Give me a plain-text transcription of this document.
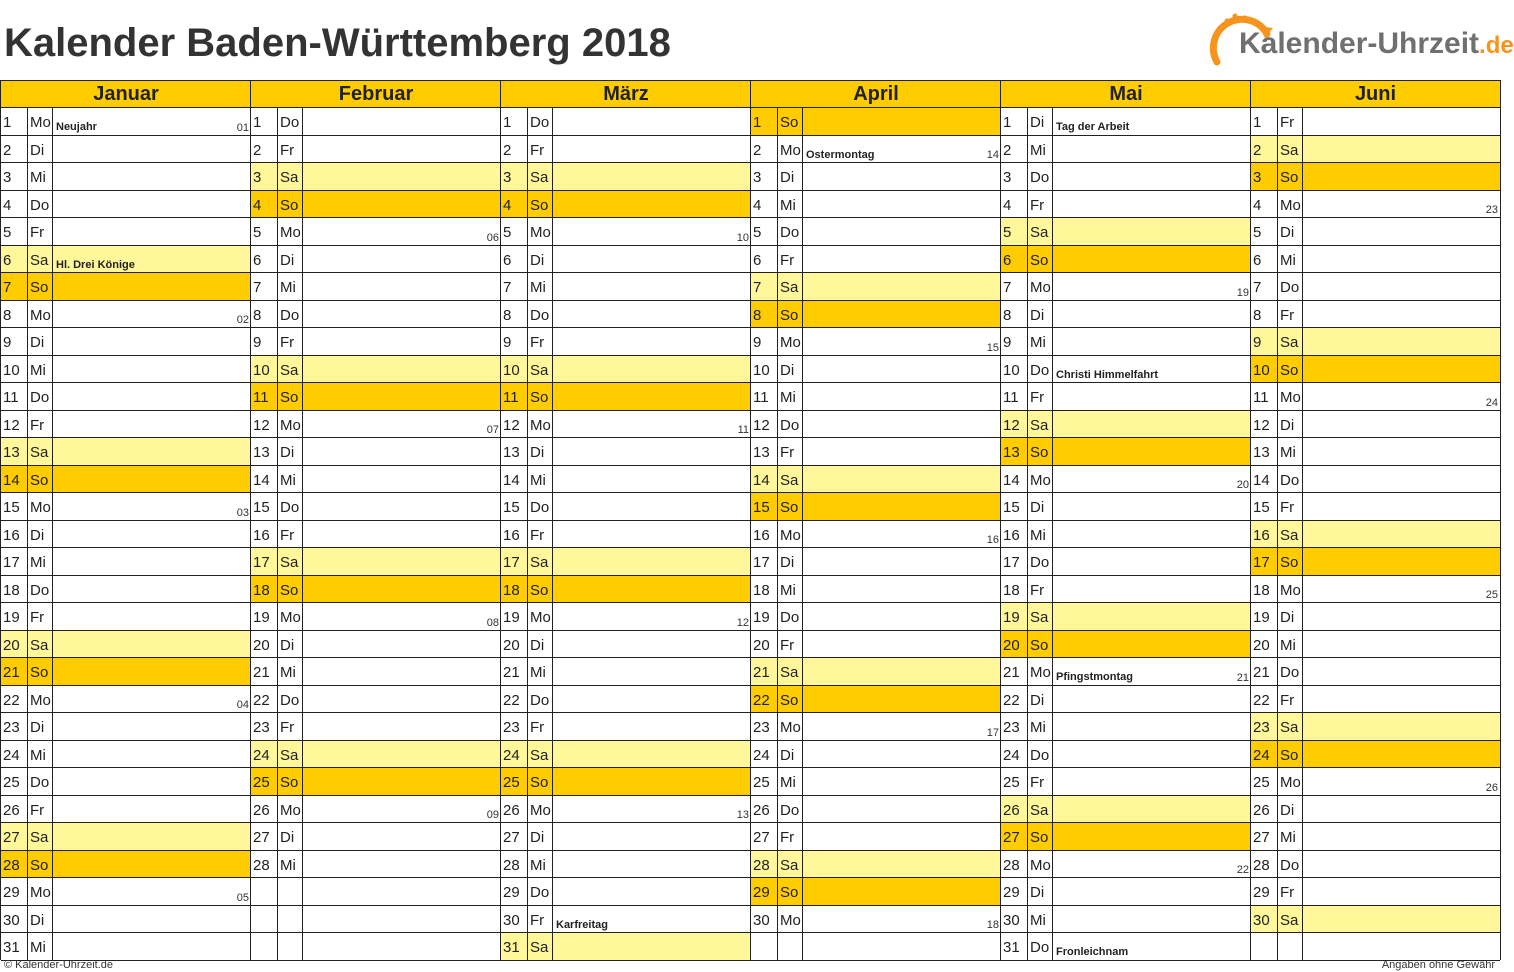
Kalender Baden-Württemberg 2018	Kalender-Uhrzeit.de
Januar
1 Mo Neujahr	01
2 Di
3 Mi
4 Do
5 Fr
6 Sa Hl. Drei Könige
7 So
8 Mo	02
9 Di
10 Mi
11 Do
12 Fr
13 Sa
14 So
15 Mo	03
16 Di
17 Mi
18 Do
19 Fr
20 Sa
21 So
22 Mo	04
23 Di
24 Mi
25 Do
26 Fr
27 Sa
28 So
29 Mo	05
30 Di
31 Mi
Februar
1 Do
2 Fr
3 Sa
4 So
5 Mo	06
6 Di
7 Mi
8 Do
9 Fr
10 Sa
11 So
12 Mo	07
13 Di
14 Mi
15 Do
16 Fr
17 Sa
18 So
19 Mo	08
20 Di
21 Mi
22 Do
23 Fr
24 Sa
25 So
26 Mo	09
27 Di
28 Mi
März
1 Do
2 Fr
3 Sa
4 So
5 Mo	10
6 Di
7 Mi
8 Do
9 Fr
10 Sa
11 So
12 Mo	11
13 Di
14 Mi
15 Do
16 Fr
17 Sa
18 So
19 Mo	12
20 Di
21 Mi
22 Do
23 Fr
24 Sa
25 So
26 Mo	13
27 Di
28 Mi
29 Do
30 Fr	Karfreitag
31 Sa
April
1 So
2 Mo Ostermontag	14
3 Di
4 Mi
5 Do
6 Fr
7 Sa
8 So
9 Mo	15
10 Di
11 Mi
12 Do
13 Fr
14 Sa
15 So
16 Mo	16
17 Di
18 Mi
19 Do
20 Fr
21 Sa
22 So
23 Mo	17
24 Di
25 Mi
26 Do
27 Fr
28 Sa
29 So
30 Mo	18
Mai
1 Di	Tag der Arbeit
2 Mi
3 Do
4 Fr
5 Sa
6 So
7 Mo	19
8 Di
9 Mi
10 Do Christi Himmelfahrt
11 Fr
12 Sa
13 So
14 Mo	20
15 Di
16 Mi
17 Do
18 Fr
19 Sa
20 So
21 Mo Pfingstmontag	21
22 Di
23 Mi
24 Do
25 Fr
26 Sa
27 So
28 Mo	22
29 Di
30 Mi
31 Do Fronleichnam
Juni
1 Fr
2 Sa
3 So
4 Mo	23
5 Di
6 Mi
7 Do
8 Fr
9 Sa
10 So
11 Mo	24
12 Di
13 Mi
14 Do
15 Fr
16 Sa
17 So
18 Mo	25
19 Di
20 Mi
21 Do
22 Fr
23 Sa
24 So
25 Mo	26
26 Di
27 Mi
28 Do
29 Fr
30 Sa
© Kalender-Uhrzeit.de	Angaben ohne Gewähr
